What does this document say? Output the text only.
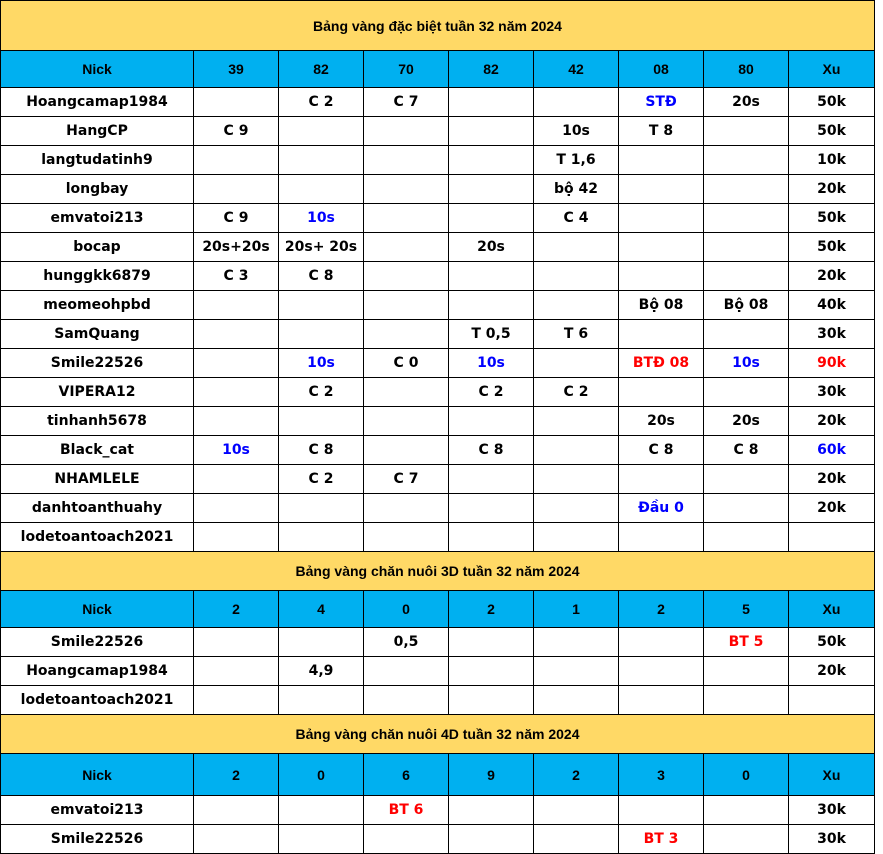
Bảng vàng đặc biệt tuần 32 năm 2024								
Nick	39	82	70	82	42	08	80	Xu
Hoangcamap1984		C 2	C 7			STĐ	20s	50k
HangCP	C 9				10s	T 8		50k
langtudatinh9					T 1,6			10k
longbay					bộ 42			20k
emvatoi213	C 9	10s			C 4			50k
bocap	20s+20s	20s+ 20s		20s				50k
hunggkk6879	C 3	C 8						20k
meomeohpbd						Bộ 08	Bộ 08	40k
SamQuang				T 0,5	T 6			30k
Smile22526		10s	C 0	10s		BTĐ 08	10s	90k
VIPERA12		C 2		C 2	C 2			30k
tinhanh5678						20s	20s	20k
Black_cat	10s	C 8		C 8		C 8	C 8	60k
NHAMLELE		C 2	C 7					20k
danhtoanthuahy						Đầu 0		20k
lodetoantoach2021								
Bảng vàng chăn nuôi 3D tuần 32 năm 2024								
Nick	2	4	0	2	1	2	5	Xu
Smile22526			0,5				BT 5	50k
Hoangcamap1984		4,9						20k
lodetoantoach2021								
Bảng vàng chăn nuôi 4D tuần 32 năm 2024								
Nick	2	0	6	9	2	3	0	Xu
emvatoi213			BT 6					30k
Smile22526						BT 3		30k
